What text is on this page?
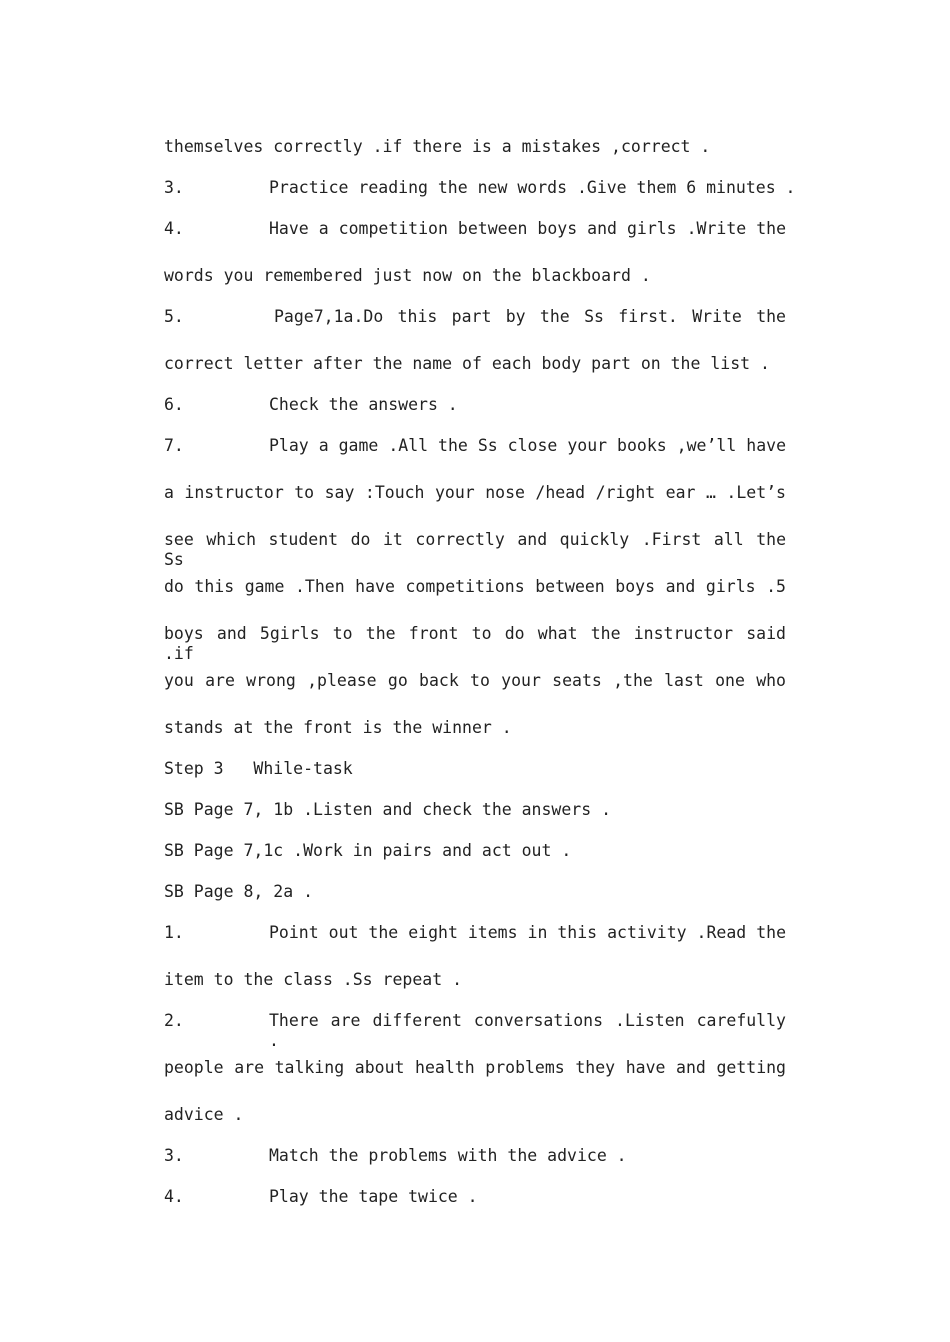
themselves correctly .if there is a mistakes ,correct .
3.	Practice reading the new words .Give them 6 minutes .
4.	Have a competition between boys and girls .Write the
words you remembered just now on the blackboard .
5.	Page7,1a.Do this part by the Ss first. Write the
correct letter after the name of each body part on the list .
6.	Check the answers .
7.	Play a game .All the Ss close your books ,we’ll have
a instructor to say :Touch your nose /head /right ear … .Let’s
see which student do it correctly and quickly .First all the Ss
do this game .Then have competitions between boys and girls .5
boys and 5girls to the front to do what the instructor said .if
you are wrong ,please go back to your seats ,the last one who
stands at the front is the winner .
Step 3   While-task
SB Page 7, 1b .Listen and check the answers .
SB Page 7,1c .Work in pairs and act out .
SB Page 8, 2a .
1.	Point out the eight items in this activity .Read the
item to the class .Ss repeat .
2.	There are different conversations .Listen carefully .
people are talking about health problems they have and getting
advice .
3.	Match the problems with the advice .
4.	Play the tape twice .
